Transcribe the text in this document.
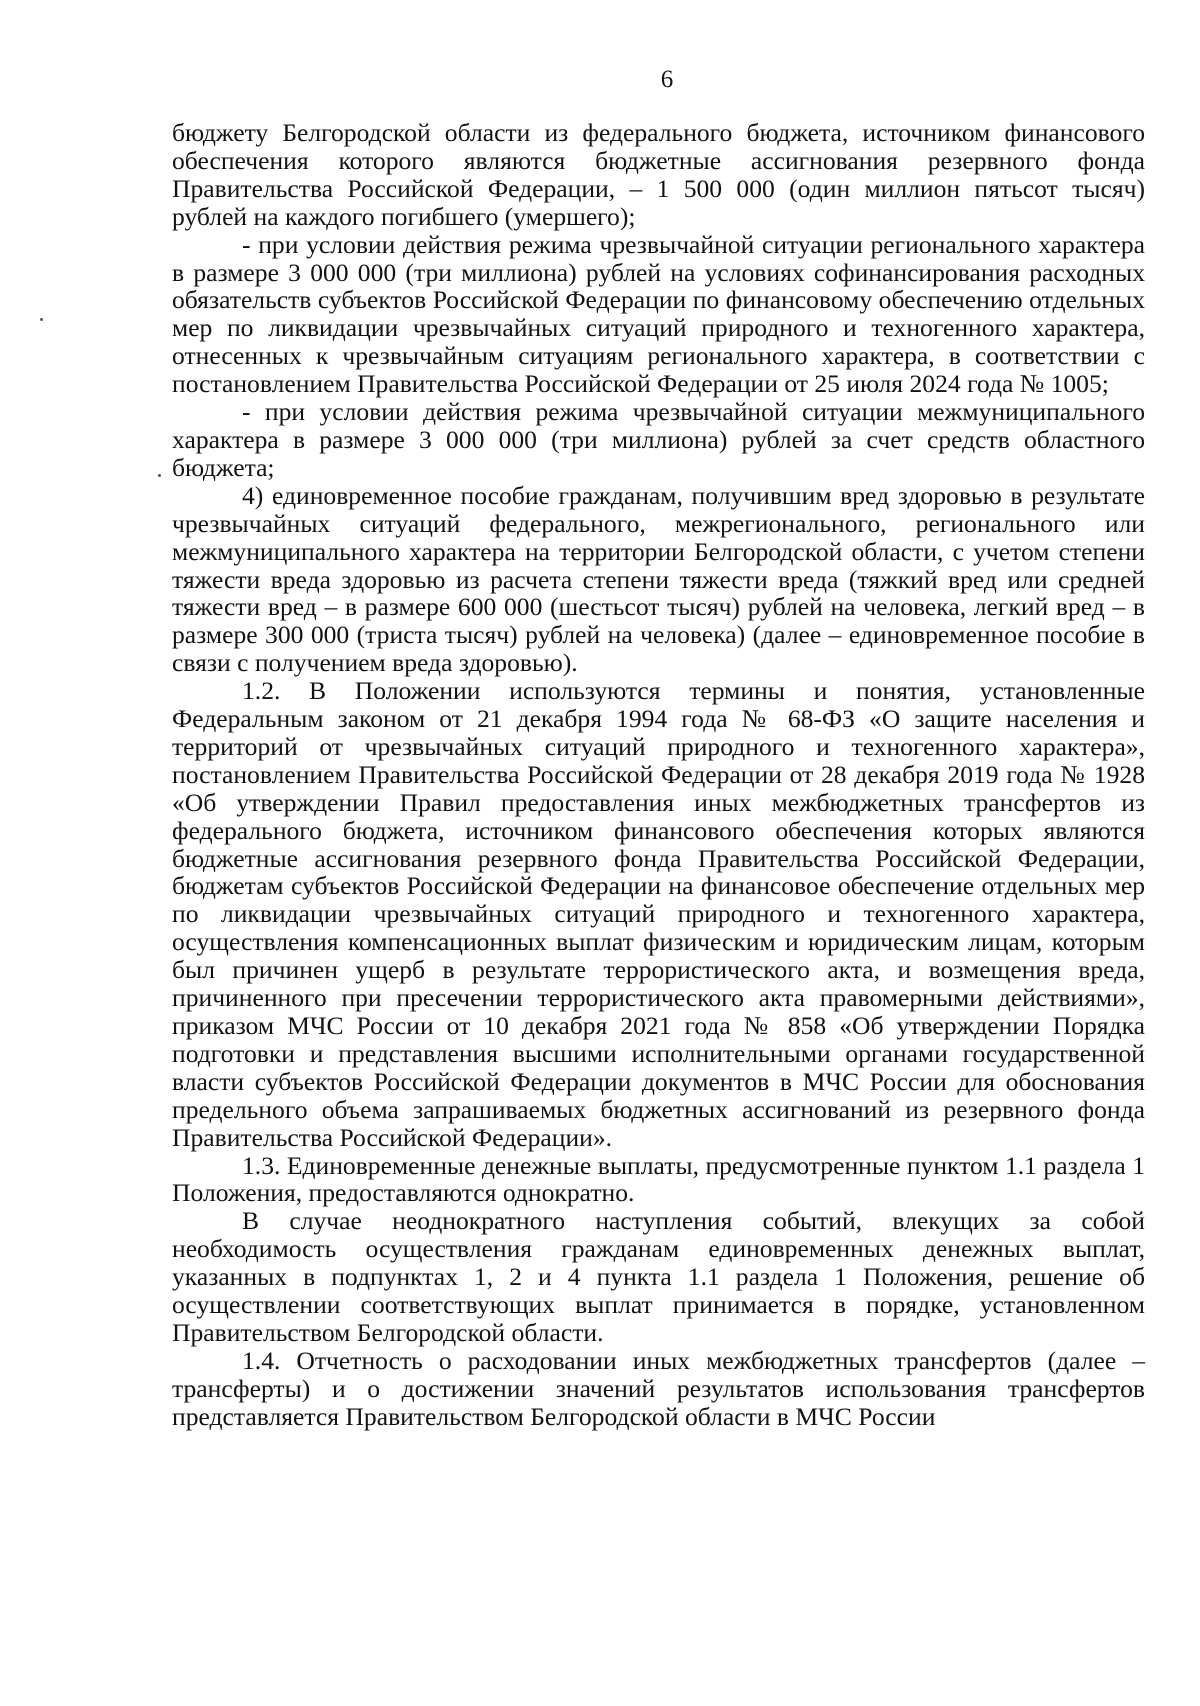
6

бюджету Белгородской области из федерального бюджета, источником финансового обеспечения которого являются бюджетные ассигнования резервного фонда Правительства Российской Федерации, – 1 500 000 (один миллион пятьсот тысяч) рублей на каждого погибшего (умершего);

- при условии действия режима чрезвычайной ситуации регионального характера в размере 3 000 000 (три миллиона) рублей на условиях софинансирования расходных обязательств субъектов Российской Федерации по финансовому обеспечению отдельных мер по ликвидации чрезвычайных ситуаций природного и техногенного характера, отнесенных к чрезвычайным ситуациям регионального характера, в соответствии с постановлением Правительства Российской Федерации от 25 июля 2024 года № 1005;

- при условии действия режима чрезвычайной ситуации межмуниципального характера в размере 3 000 000 (три миллиона) рублей за счет средств областного бюджета;

4) единовременное пособие гражданам, получившим вред здоровью в результате чрезвычайных ситуаций федерального, межрегионального, регионального или межмуниципального характера на территории Белгородской области, с учетом степени тяжести вреда здоровью из расчета степени тяжести вреда (тяжкий вред или средней тяжести вред – в размере 600 000 (шестьсот тысяч) рублей на человека, легкий вред – в размере 300 000 (триста тысяч) рублей на человека) (далее – единовременное пособие в связи с получением вреда здоровью).

1.2. В Положении используются термины и понятия, установленные Федеральным законом от 21 декабря 1994 года № 68-ФЗ «О защите населения и территорий от чрезвычайных ситуаций природного и техногенного характера», постановлением Правительства Российской Федерации от 28 декабря 2019 года № 1928 «Об утверждении Правил предоставления иных межбюджетных трансфертов из федерального бюджета, источником финансового обеспечения которых являются бюджетные ассигнования резервного фонда Правительства Российской Федерации, бюджетам субъектов Российской Федерации на финансовое обеспечение отдельных мер по ликвидации чрезвычайных ситуаций природного и техногенного характера, осуществления компенсационных выплат физическим и юридическим лицам, которым был причинен ущерб в результате террористического акта, и возмещения вреда, причиненного при пресечении террористического акта правомерными действиями», приказом МЧС России от 10 декабря 2021 года № 858 «Об утверждении Порядка подготовки и представления высшими исполнительными органами государственной власти субъектов Российской Федерации документов в МЧС России для обоснования предельного объема запрашиваемых бюджетных ассигнований из резервного фонда Правительства Российской Федерации».

1.3. Единовременные денежные выплаты, предусмотренные пунктом 1.1 раздела 1 Положения, предоставляются однократно.

В случае неоднократного наступления событий, влекущих за собой необходимость осуществления гражданам единовременных денежных выплат, указанных в подпунктах 1, 2 и 4 пункта 1.1 раздела 1 Положения, решение об осуществлении соответствующих выплат принимается в порядке, установленном Правительством Белгородской области.

1.4. Отчетность о расходовании иных межбюджетных трансфертов (далее – трансферты) и о достижении значений результатов использования трансфертов представляется Правительством Белгородской области в МЧС России
